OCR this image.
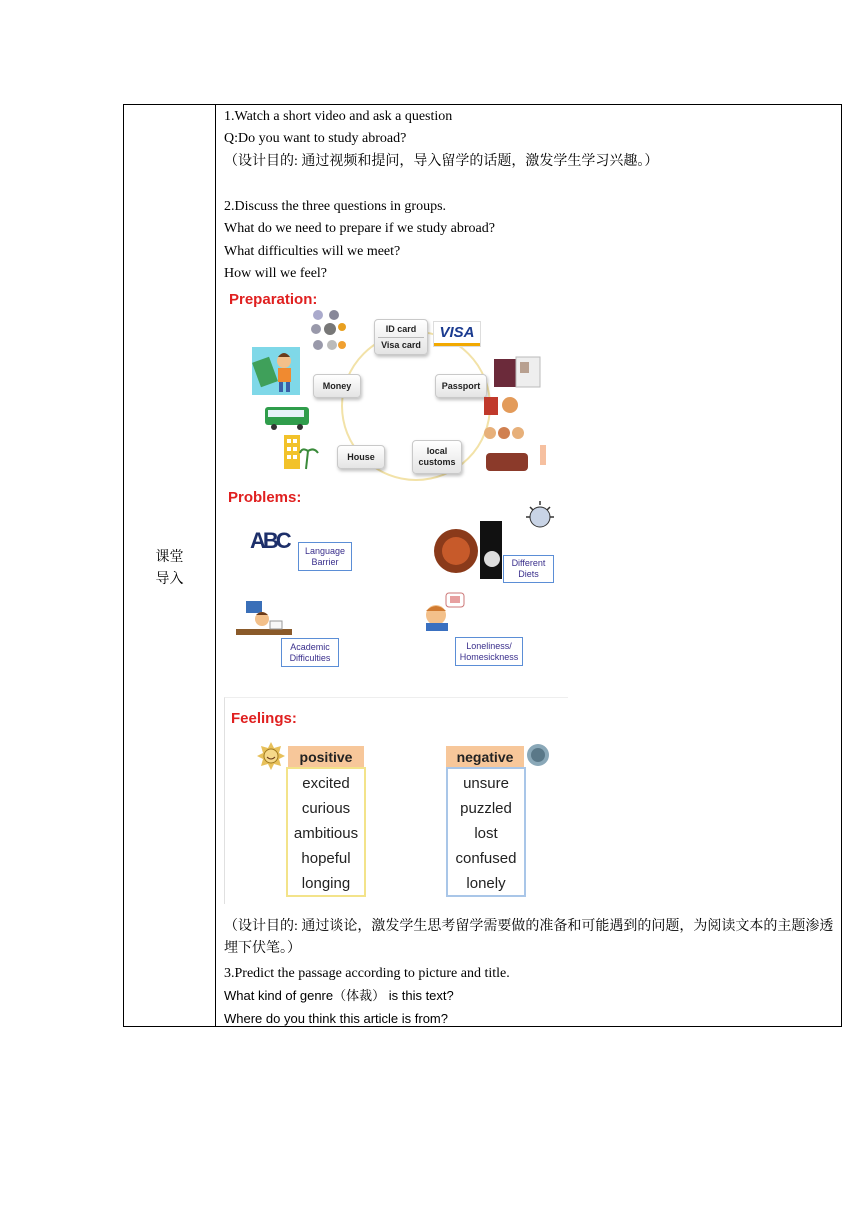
课堂
导入
1.Watch a short video and ask a question
Q:Do you want to study abroad?
（设计目的: 通过视频和提问，导入留学的话题，激发学生学习兴趣。）
2.Discuss the three questions in groups.
What do we need to prepare if we study abroad?
What difficulties will we meet?
How will we feel?
Preparation:
ID card
Visa card
Money	Passport
House
local
customs
VISA
Problems:
ABC Language
Barrier	Different
Diets
Academic
Difficulties
Loneliness/
Homesickness
Feelings:
positive
excited
curious
ambitious
hopeful
longing
negative
unsure
puzzled
lost
confused
lonely
（设计目的: 通过谈论，激发学生思考留学需要做的准备和可能遇到的问题，为阅读文本的主题渗透埋下伏笔。）
3.Predict the passage according to picture and title.
What kind of genre（体裁） is this text?
Where do you think this article is from?
